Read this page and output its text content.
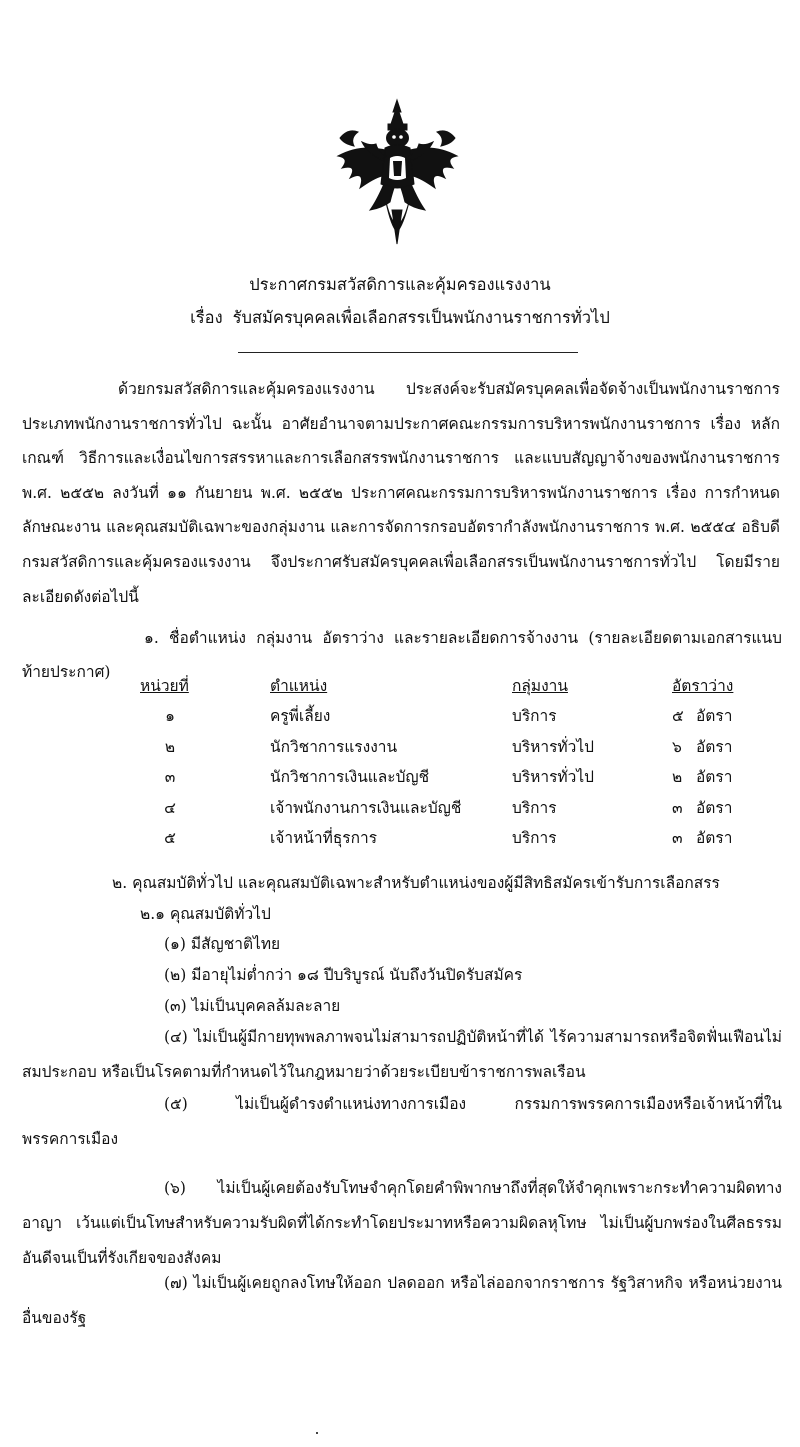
ประกาศกรมสวัสดิการและคุ้มครองแรงงาน
เรื่อง รับสมัครบุคคลเพื่อเลือกสรรเป็นพนักงานราชการทั่วไป
ด้วยกรมสวัสดิการและคุ้มครองแรงงาน ประสงค์จะรับสมัครบุคคลเพื่อจัดจ้างเป็นพนักงานราชการประเภทพนักงานราชการทั่วไป ฉะนั้น อาศัยอำนาจตามประกาศคณะกรรมการบริหารพนักงานราชการ เรื่อง หลักเกณฑ์ วิธีการและเงื่อนไขการสรรหาและการเลือกสรรพนักงานราชการ และแบบสัญญาจ้างของพนักงานราชการ พ.ศ. ๒๕๕๒ ลงวันที่ ๑๑ กันยายน พ.ศ. ๒๕๕๒ ประกาศคณะกรรมการบริหารพนักงานราชการ เรื่อง การกำหนดลักษณะงาน และคุณสมบัติเฉพาะของกลุ่มงาน และการจัดการกรอบอัตรากำลังพนักงานราชการ พ.ศ. ๒๕๕๔ อธิบดีกรมสวัสดิการและคุ้มครองแรงงาน จึงประกาศรับสมัครบุคคลเพื่อเลือกสรรเป็นพนักงานราชการทั่วไป โดยมีรายละเอียดดังต่อไปนี้
๑. ชื่อตำแหน่ง กลุ่มงาน อัตราว่าง และรายละเอียดการจ้างงาน (รายละเอียดตามเอกสารแนบท้ายประกาศ)
หน่วยที่	ตำแหน่ง	กลุ่มงาน	อัตราว่าง
๑	ครูพี่เลี้ยง	บริการ	๕ อัตรา
๒	นักวิชาการแรงงาน	บริหารทั่วไป	๖ อัตรา
๓	นักวิชาการเงินและบัญชี	บริหารทั่วไป	๒ อัตรา
๔	เจ้าพนักงานการเงินและบัญชี	บริการ	๓ อัตรา
๕	เจ้าหน้าที่ธุรการ	บริการ	๓ อัตรา
๒. คุณสมบัติทั่วไป และคุณสมบัติเฉพาะสำหรับตำแหน่งของผู้มีสิทธิสมัครเข้ารับการเลือกสรร
๒.๑ คุณสมบัติทั่วไป
(๑) มีสัญชาติไทย
(๒) มีอายุไม่ต่ำกว่า ๑๘ ปีบริบูรณ์ นับถึงวันปิดรับสมัคร
(๓) ไม่เป็นบุคคลล้มละลาย
(๔) ไม่เป็นผู้มีกายทุพพลภาพจนไม่สามารถปฏิบัติหน้าที่ได้ ไร้ความสามารถหรือจิตฟั่นเฟือนไม่สมประกอบ หรือเป็นโรคตามที่กำหนดไว้ในกฎหมายว่าด้วยระเบียบข้าราชการพลเรือน
(๕) ไม่เป็นผู้ดำรงตำแหน่งทางการเมือง กรรมการพรรคการเมืองหรือเจ้าหน้าที่ในพรรคการเมือง
(๖) ไม่เป็นผู้เคยต้องรับโทษจำคุกโดยคำพิพากษาถึงที่สุดให้จำคุกเพราะกระทำความผิดทางอาญา เว้นแต่เป็นโทษสำหรับความรับผิดที่ได้กระทำโดยประมาทหรือความผิดลหุโทษ ไม่เป็นผู้บกพร่องในศีลธรรมอันดีจนเป็นที่รังเกียจของสังคม
(๗) ไม่เป็นผู้เคยถูกลงโทษให้ออก ปลดออก หรือไล่ออกจากราชการ รัฐวิสาหกิจ หรือหน่วยงานอื่นของรัฐ
